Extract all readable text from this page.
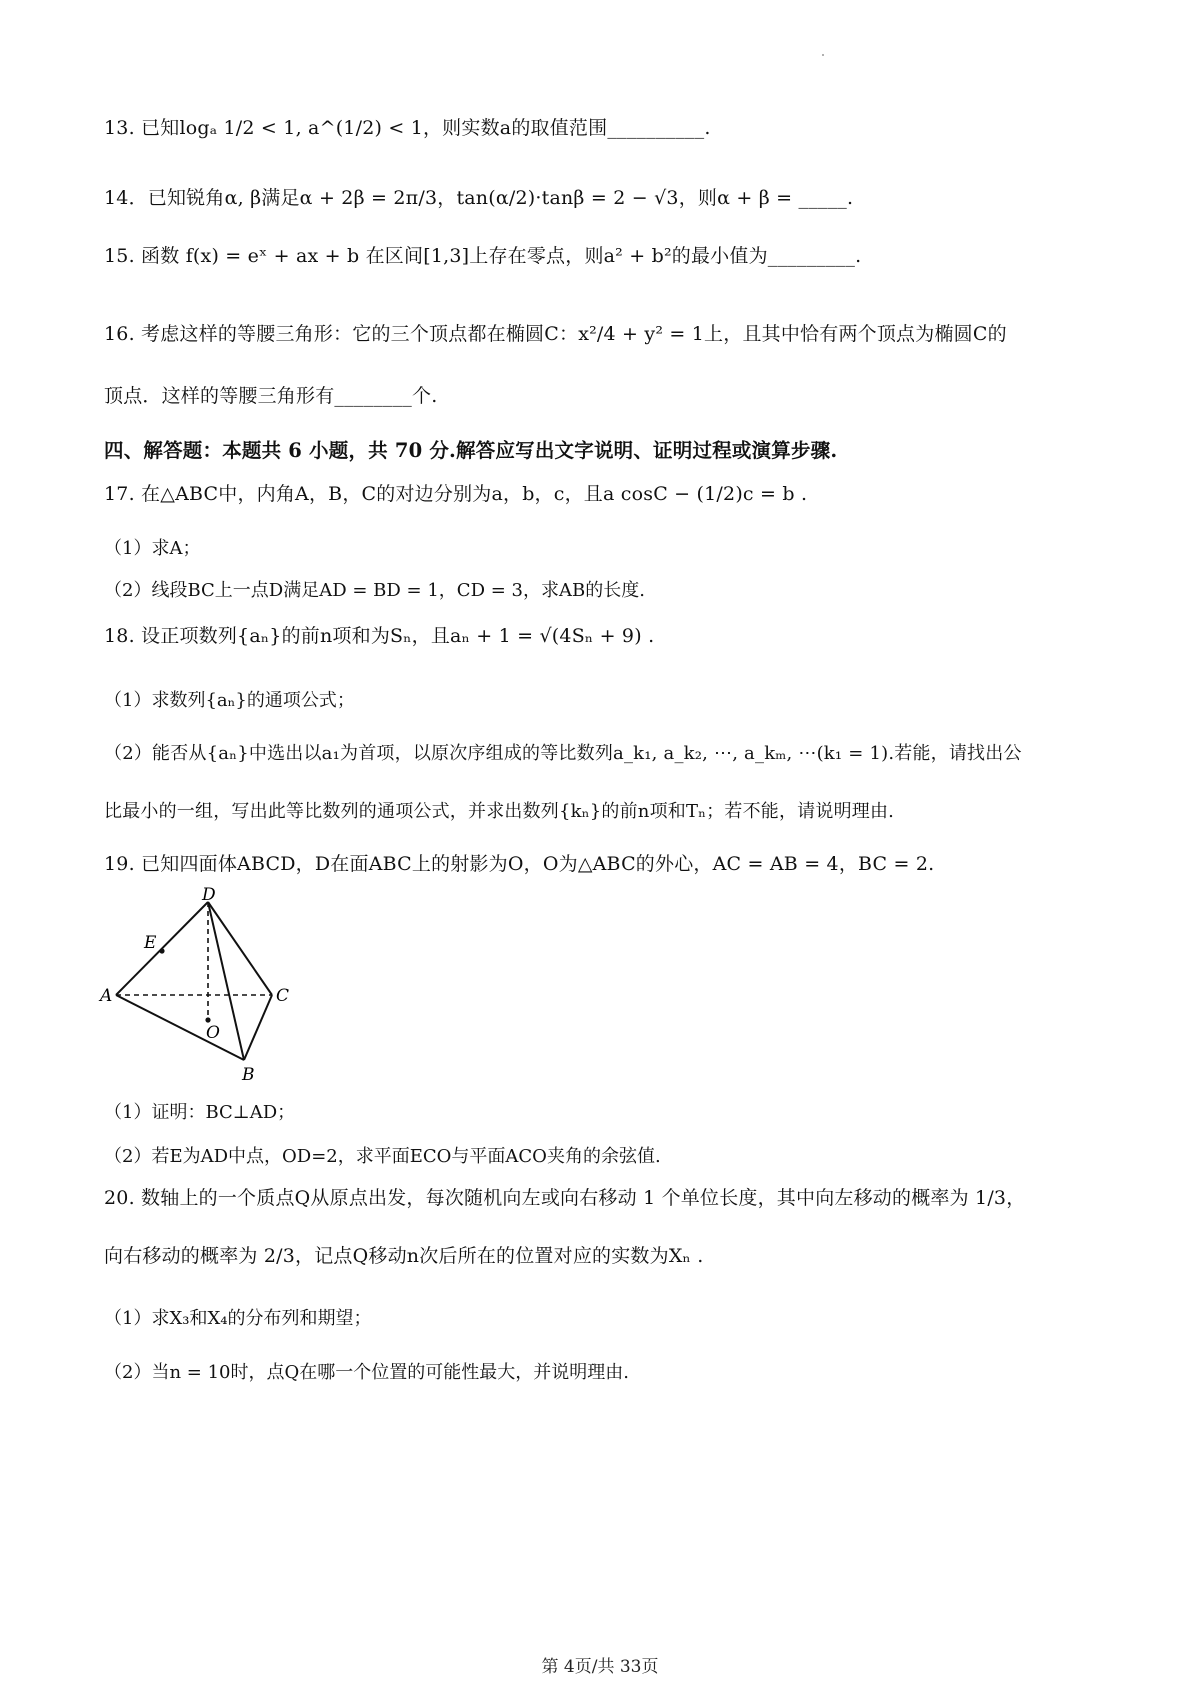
13. 已知logₐ 1/2 < 1, a^(1/2) < 1，则实数a的取值范围__________.
14．已知锐角α, β满足α + 2β = 2π/3，tan(α/2)·tanβ = 2 − √3，则α + β = _____.
15. 函数 f(x) = eˣ + ax + b 在区间[1,3]上存在零点，则a² + b²的最小值为_________.
16. 考虑这样的等腰三角形：它的三个顶点都在椭圆C：x²/4 + y² = 1上，且其中恰有两个顶点为椭圆C的
顶点．这样的等腰三角形有________个.
四、解答题：本题共 6 小题，共 70 分.解答应写出文字说明、证明过程或演算步骤.
17. 在△ABC中，内角A，B，C的对边分别为a，b，c，且a cosC − (1/2)c = b .
（1）求A；
（2）线段BC上一点D满足AD = BD = 1，CD = 3，求AB的长度.
18. 设正项数列{aₙ}的前n项和为Sₙ，且aₙ + 1 = √(4Sₙ + 9) .
（1）求数列{aₙ}的通项公式；
（2）能否从{aₙ}中选出以a₁为首项，以原次序组成的等比数列a_k₁, a_k₂, ⋯, a_kₘ, ⋯(k₁ = 1).若能，请找出公
比最小的一组，写出此等比数列的通项公式，并求出数列{kₙ}的前n项和Tₙ；若不能，请说明理由.
19. 已知四面体ABCD，D在面ABC上的射影为O，O为△ABC的外心，AC = AB = 4，BC = 2.
D
E
A	C
O
B
（1）证明：BC⊥AD；
（2）若E为AD中点，OD=2，求平面ECO与平面ACO夹角的余弦值.
20. 数轴上的一个质点Q从原点出发，每次随机向左或向右移动 1 个单位长度，其中向左移动的概率为 1/3，
向右移动的概率为 2/3，记点Q移动n次后所在的位置对应的实数为Xₙ .
（1）求X₃和X₄的分布列和期望；
（2）当n = 10时，点Q在哪一个位置的可能性最大，并说明理由.
第 4页/共 33页
